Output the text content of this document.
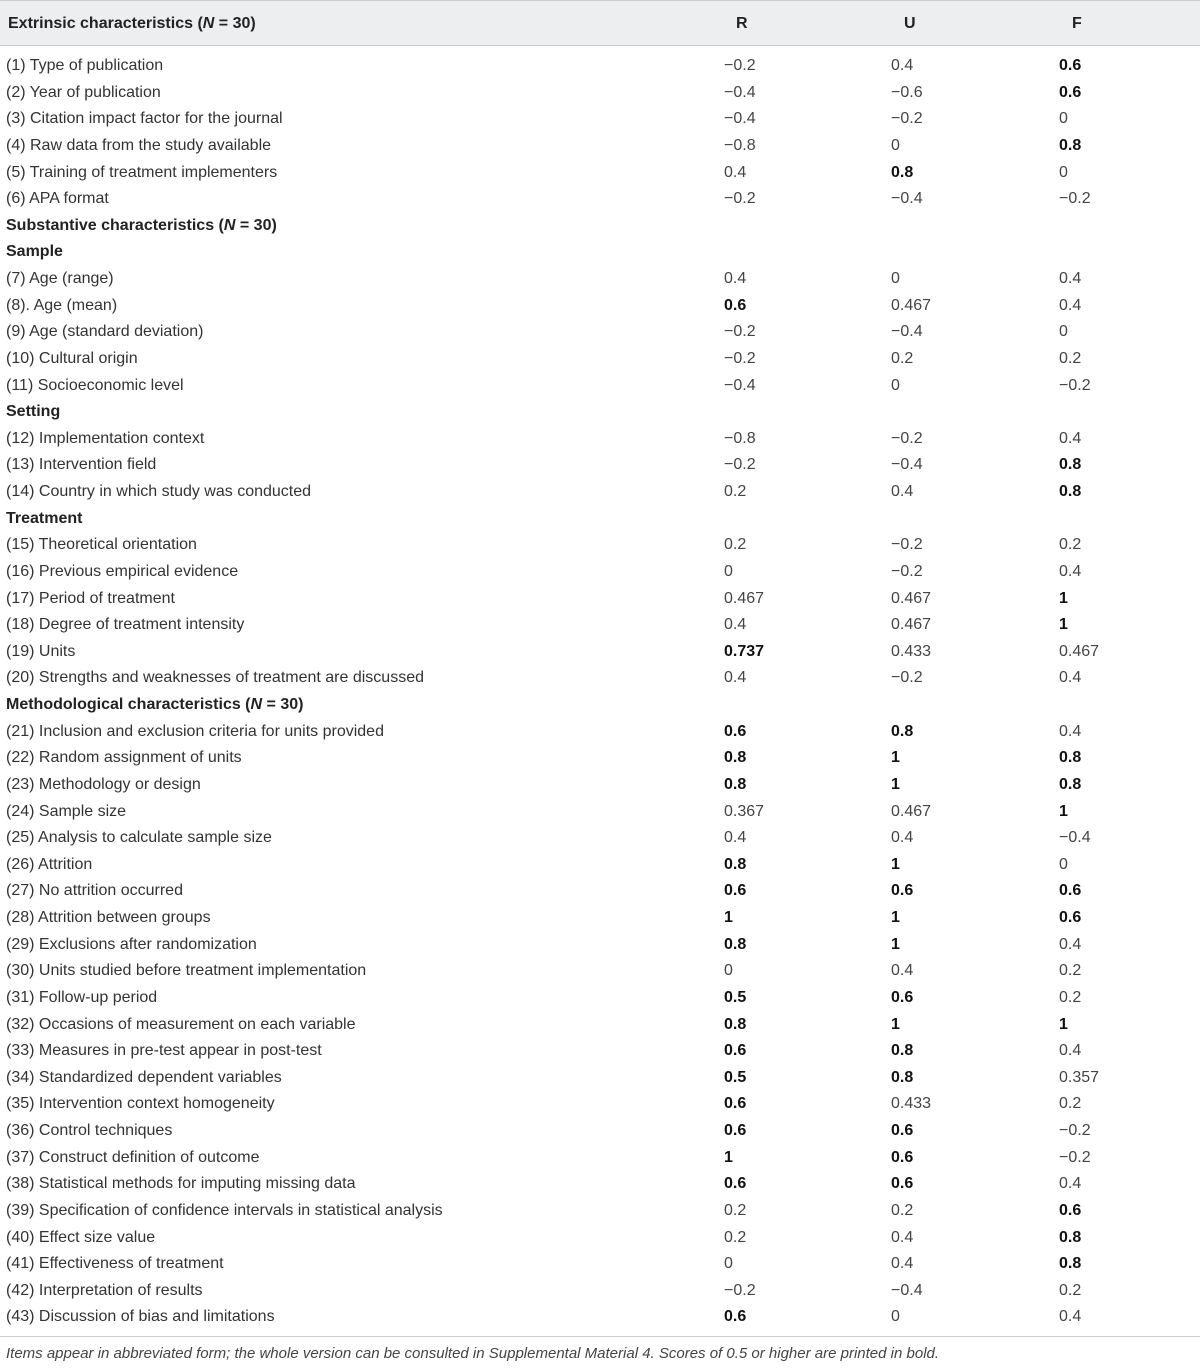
Extrinsic characteristics (N = 30)	R	U	F
(1) Type of publication	−0.2	0.4	0.6
(2) Year of publication	−0.4	−0.6	0.6
(3) Citation impact factor for the journal	−0.4	−0.2	0
(4) Raw data from the study available	−0.8	0	0.8
(5) Training of treatment implementers	0.4	0.8	0
(6) APA format	−0.2	−0.4	−0.2
Substantive characteristics (N = 30)
Sample
(7) Age (range)	0.4	0	0.4
(8). Age (mean)	0.6	0.467	0.4
(9) Age (standard deviation)	−0.2	−0.4	0
(10) Cultural origin	−0.2	0.2	0.2
(11) Socioeconomic level	−0.4	0	−0.2
Setting
(12) Implementation context	−0.8	−0.2	0.4
(13) Intervention field	−0.2	−0.4	0.8
(14) Country in which study was conducted	0.2	0.4	0.8
Treatment
(15) Theoretical orientation	0.2	−0.2	0.2
(16) Previous empirical evidence	0	−0.2	0.4
(17) Period of treatment	0.467	0.467	1
(18) Degree of treatment intensity	0.4	0.467	1
(19) Units	0.737	0.433	0.467
(20) Strengths and weaknesses of treatment are discussed	0.4	−0.2	0.4
Methodological characteristics (N = 30)
(21) Inclusion and exclusion criteria for units provided	0.6	0.8	0.4
(22) Random assignment of units	0.8	1	0.8
(23) Methodology or design	0.8	1	0.8
(24) Sample size	0.367	0.467	1
(25) Analysis to calculate sample size	0.4	0.4	−0.4
(26) Attrition	0.8	1	0
(27) No attrition occurred	0.6	0.6	0.6
(28) Attrition between groups	1	1	0.6
(29) Exclusions after randomization	0.8	1	0.4
(30) Units studied before treatment implementation	0	0.4	0.2
(31) Follow-up period	0.5	0.6	0.2
(32) Occasions of measurement on each variable	0.8	1	1
(33) Measures in pre-test appear in post-test	0.6	0.8	0.4
(34) Standardized dependent variables	0.5	0.8	0.357
(35) Intervention context homogeneity	0.6	0.433	0.2
(36) Control techniques	0.6	0.6	−0.2
(37) Construct definition of outcome	1	0.6	−0.2
(38) Statistical methods for imputing missing data	0.6	0.6	0.4
(39) Specification of confidence intervals in statistical analysis	0.2	0.2	0.6
(40) Effect size value	0.2	0.4	0.8
(41) Effectiveness of treatment	0	0.4	0.8
(42) Interpretation of results	−0.2	−0.4	0.2
(43) Discussion of bias and limitations	0.6	0	0.4
Items appear in abbreviated form; the whole version can be consulted in Supplemental Material 4. Scores of 0.5 or higher are printed in bold.
